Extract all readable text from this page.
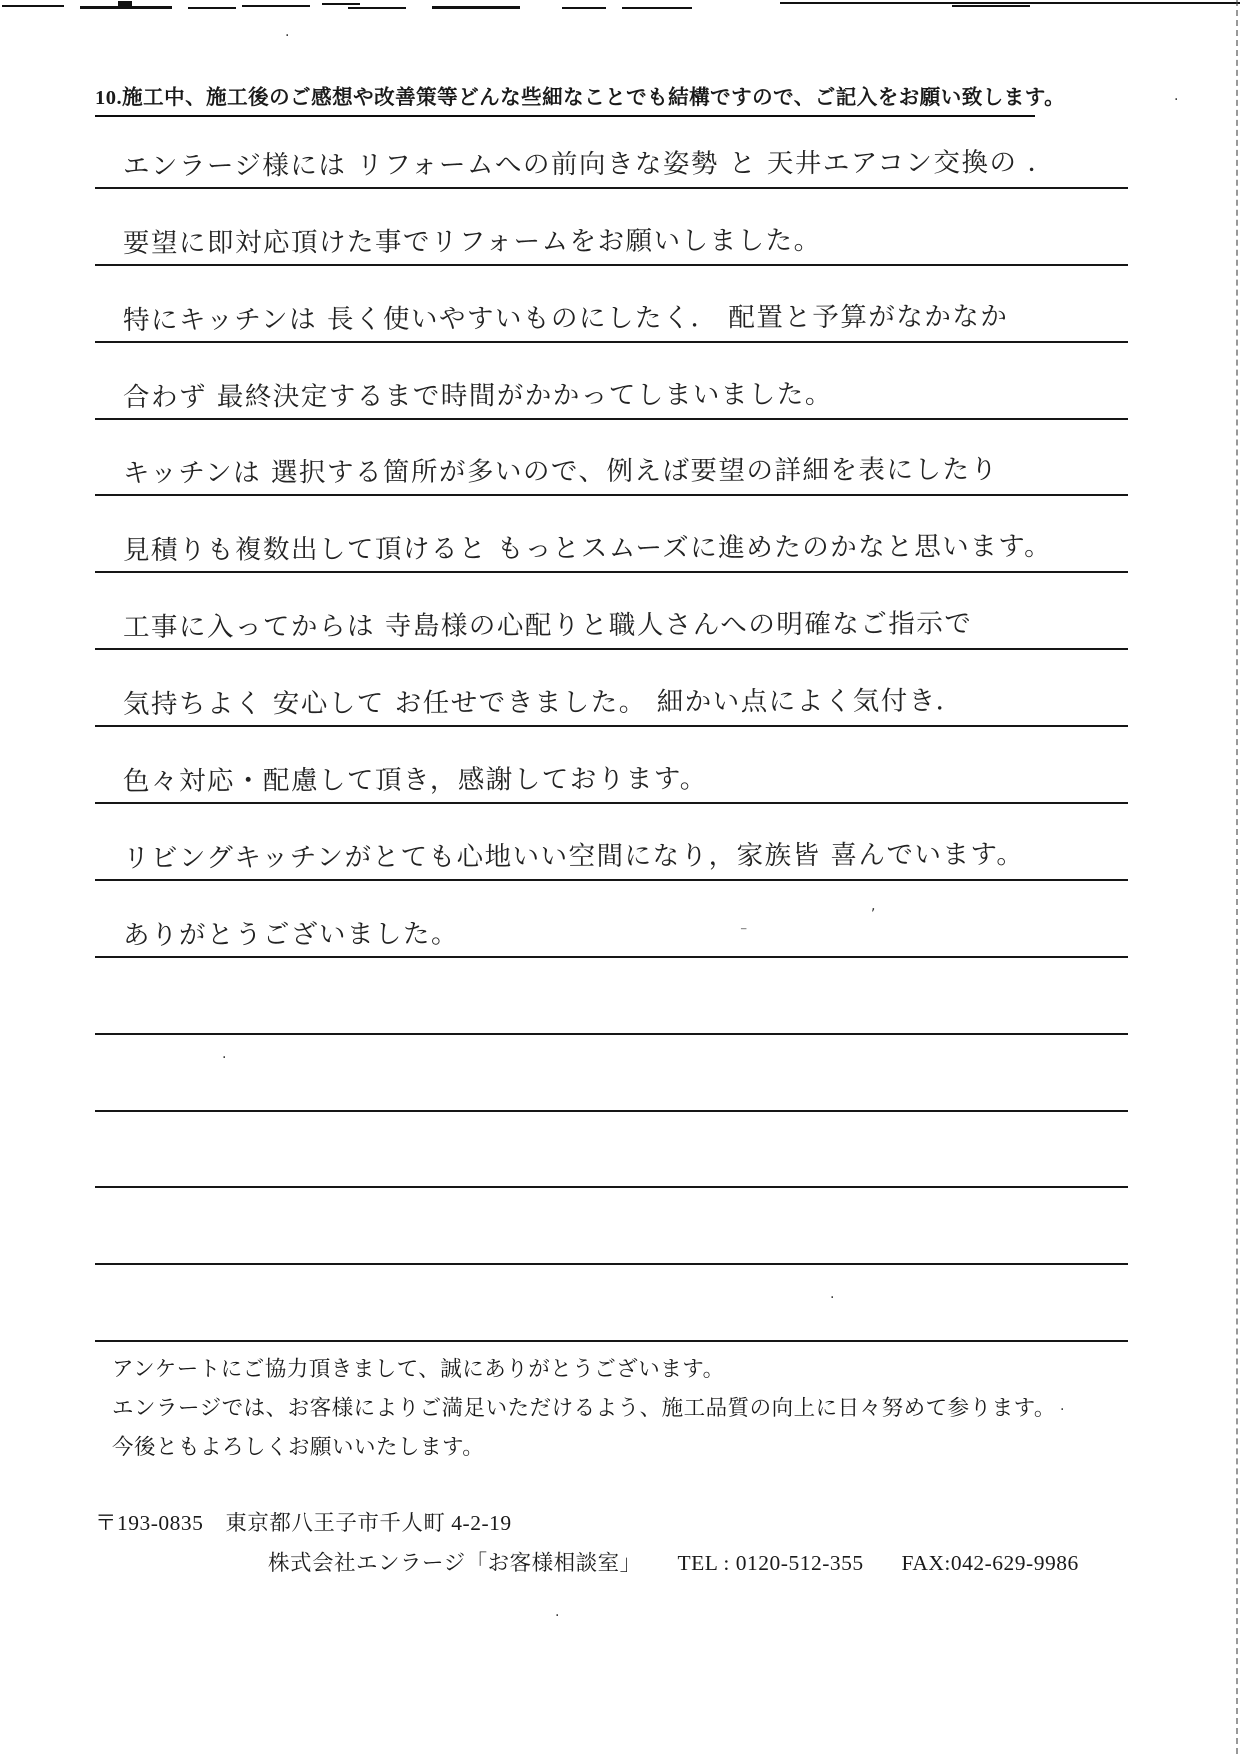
·
·
,
⁻
·
·
·
·
10.施工中、施工後のご感想や改善策等どんな些細なことでも結構ですので、ご記入をお願い致します。
エンラージ様には リフォームへの前向きな姿勢 と 天井エアコン交換の ．
要望に即対応頂けた事でリフォームをお願いしました。
特にキッチンは 長く使いやすいものにしたく． 配置と予算がなかなか
合わず 最終決定するまで時間がかかってしまいました。
キッチンは 選択する箇所が多いので、例えば要望の詳細を表にしたり
見積りも複数出して頂けると もっとスムーズに進めたのかなと思います。
工事に入ってからは 寺島様の心配りと職人さんへの明確なご指示で
気持ちよく 安心して お任せできました。 細かい点によく気付き．
色々対応・配慮して頂き，感謝しております。
リビングキッチンがとても心地いい空間になり，家族皆 喜んでいます。
ありがとうございました。
アンケートにご協力頂きまして、誠にありがとうございます。
エンラージでは、お客様によりご満足いただけるよう、施工品質の向上に日々努めて参ります。
今後ともよろしくお願いいたします。
〒193-0835　東京都八王子市千人町 4-2-19
株式会社エンラージ「お客様相談室」 TEL : 0120-512-355 FAX:042-629-9986
